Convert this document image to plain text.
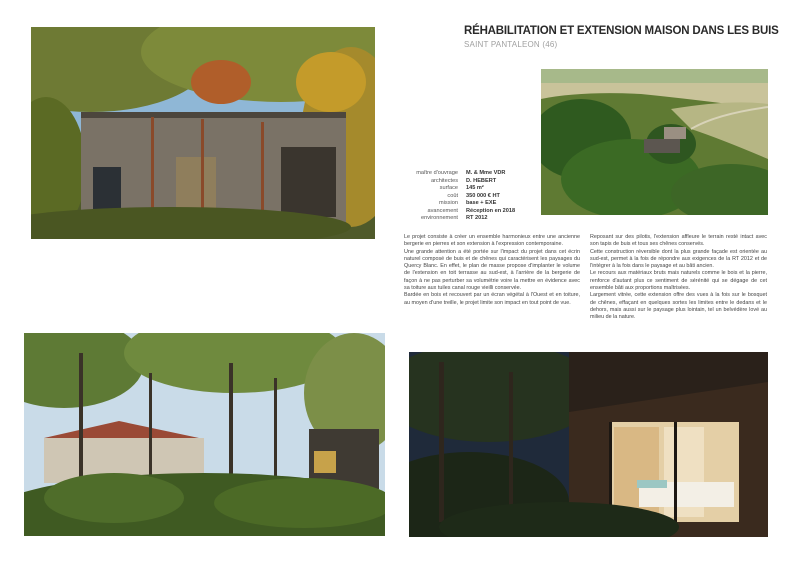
RÉHABILITATION ET EXTENSION MAISON DANS LES BUIS
SAINT PANTALEON (46)
maître d'ouvrage M. & Mme VDR
architectes D. HEBERT
surface 145 m²
coût 350 000 € HT
mission base + EXE
avancement Réception en 2018
environnement RT 2012

Le projet consiste à créer un ensemble harmonieux entre une ancienne bergerie en pierres et son extension à l'expression contemporaine.

Une grande attention a été portée sur l'impact du projet dans cet écrin naturel composé de buis et de chênes qui caractérisent les paysages du Quercy Blanc. En effet, le plan de masse propose d'implanter le volume de l'extension en toit terrasse au sud-est, à l'arrière de la bergerie de façon à ne pas perturber sa volumétrie voire la mettre en évidence avec sa toiture aux tuiles canal rouge vieilli conservée.

Bardée en bois et recouvert par un écran végétal à l'Ouest et en toiture, au moyen d'une treille, le projet limite son impact en tout point de vue.

Reposant sur des pilotis, l'extension affleure le terrain resté intact avec son tapis de buis et tous ses chênes conservés.

Cette construction réversible dont la plus grande façade est orientée au sud-est, permet à la fois de répondre aux exigences de la RT 2012 et de l'intégrer à la fois dans le paysage et au bâti ancien.

Le recours aux matériaux bruts mais naturels comme le bois et la pierre, renforce d'autant plus ce sentiment de sérénité qui se dégage de cet ensemble bâti aux proportions maîtrisées.

Largement vitrée, cette extension offre des vues à la fois sur le bosquet de chênes, effaçant en quelques sortes les limites entre le dedans et le dehors, mais aussi sur le paysage plus lointain, tel un belvédère lové au milieu de la nature.
